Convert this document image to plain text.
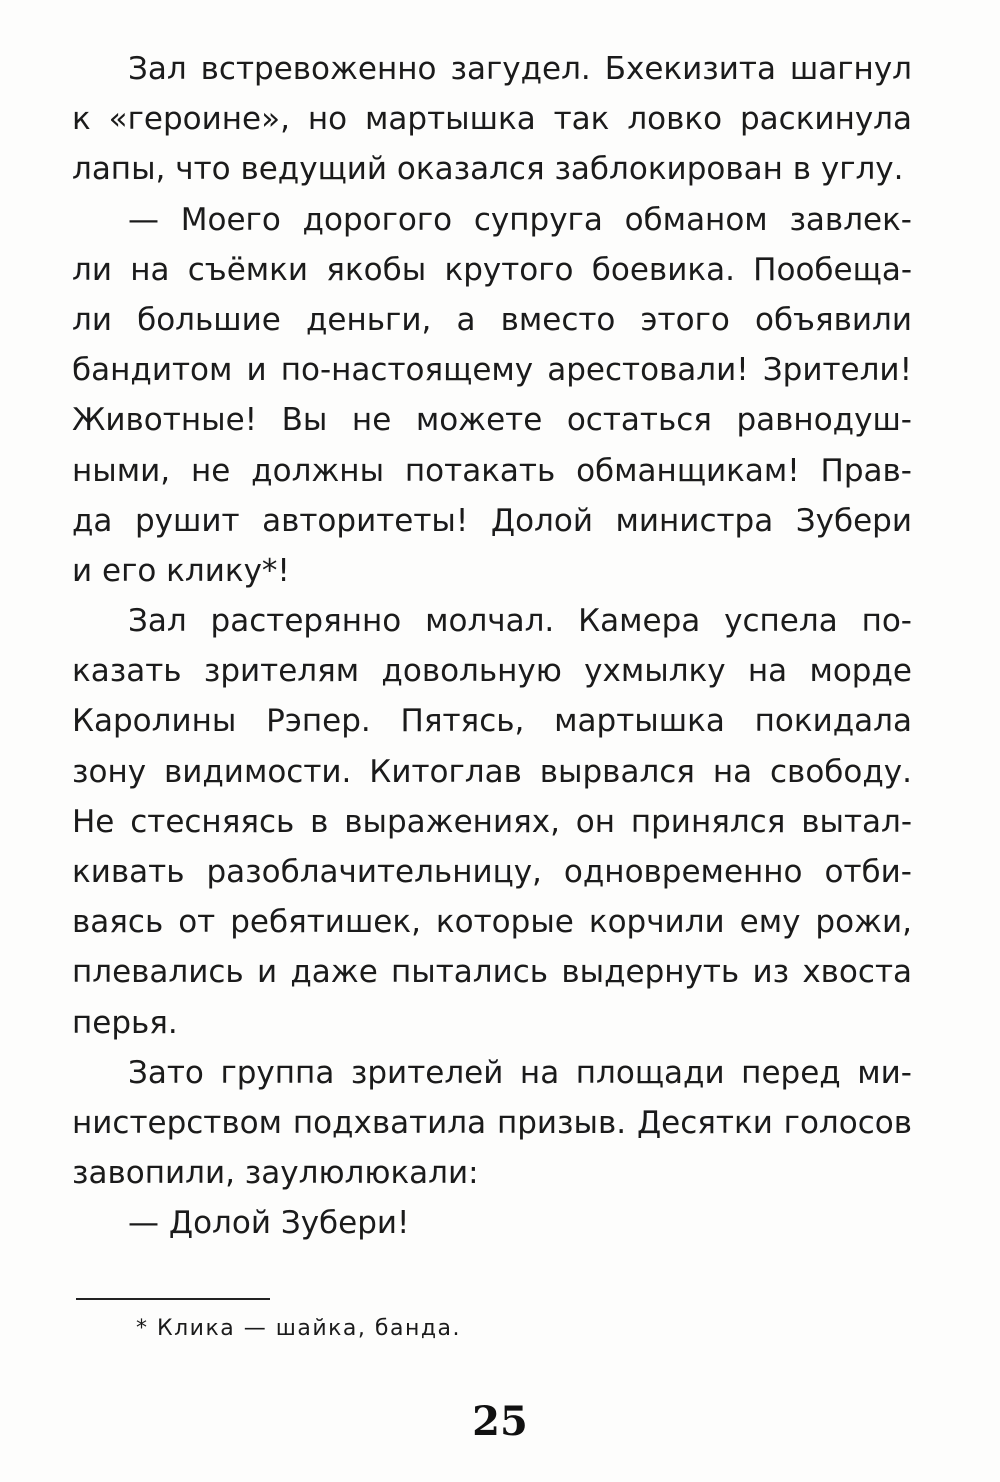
Зал встревоженно загудел. Бхекизита шагнул
к «героине», но мартышка так ловко раскинула
лапы, что ведущий оказался заблокирован в углу.
— Моего дорогого супруга обманом завлек-
ли на съёмки якобы крутого боевика. Пообеща-
ли большие деньги, а вместо этого объявили
бандитом и по-настоящему арестовали! Зрители!
Животные! Вы не можете остаться равнодуш-
ными, не должны потакать обманщикам! Прав-
да рушит авторитеты! Долой министра Зубери
и его клику*!
Зал растерянно молчал. Камера успела по-
казать зрителям довольную ухмылку на морде
Каролины Рэпер. Пятясь, мартышка покидала
зону видимости. Китоглав вырвался на свободу.
Не стесняясь в выражениях, он принялся вытал-
кивать разоблачительницу, одновременно отби-
ваясь от ребятишек, которые корчили ему рожи,
плевались и даже пытались выдернуть из хвоста
перья.
Зато группа зрителей на площади перед ми-
нистерством подхватила призыв. Десятки голосов
завопили, заулюлюкали:
— Долой Зубери!
* Клика — шайка, банда.
25
